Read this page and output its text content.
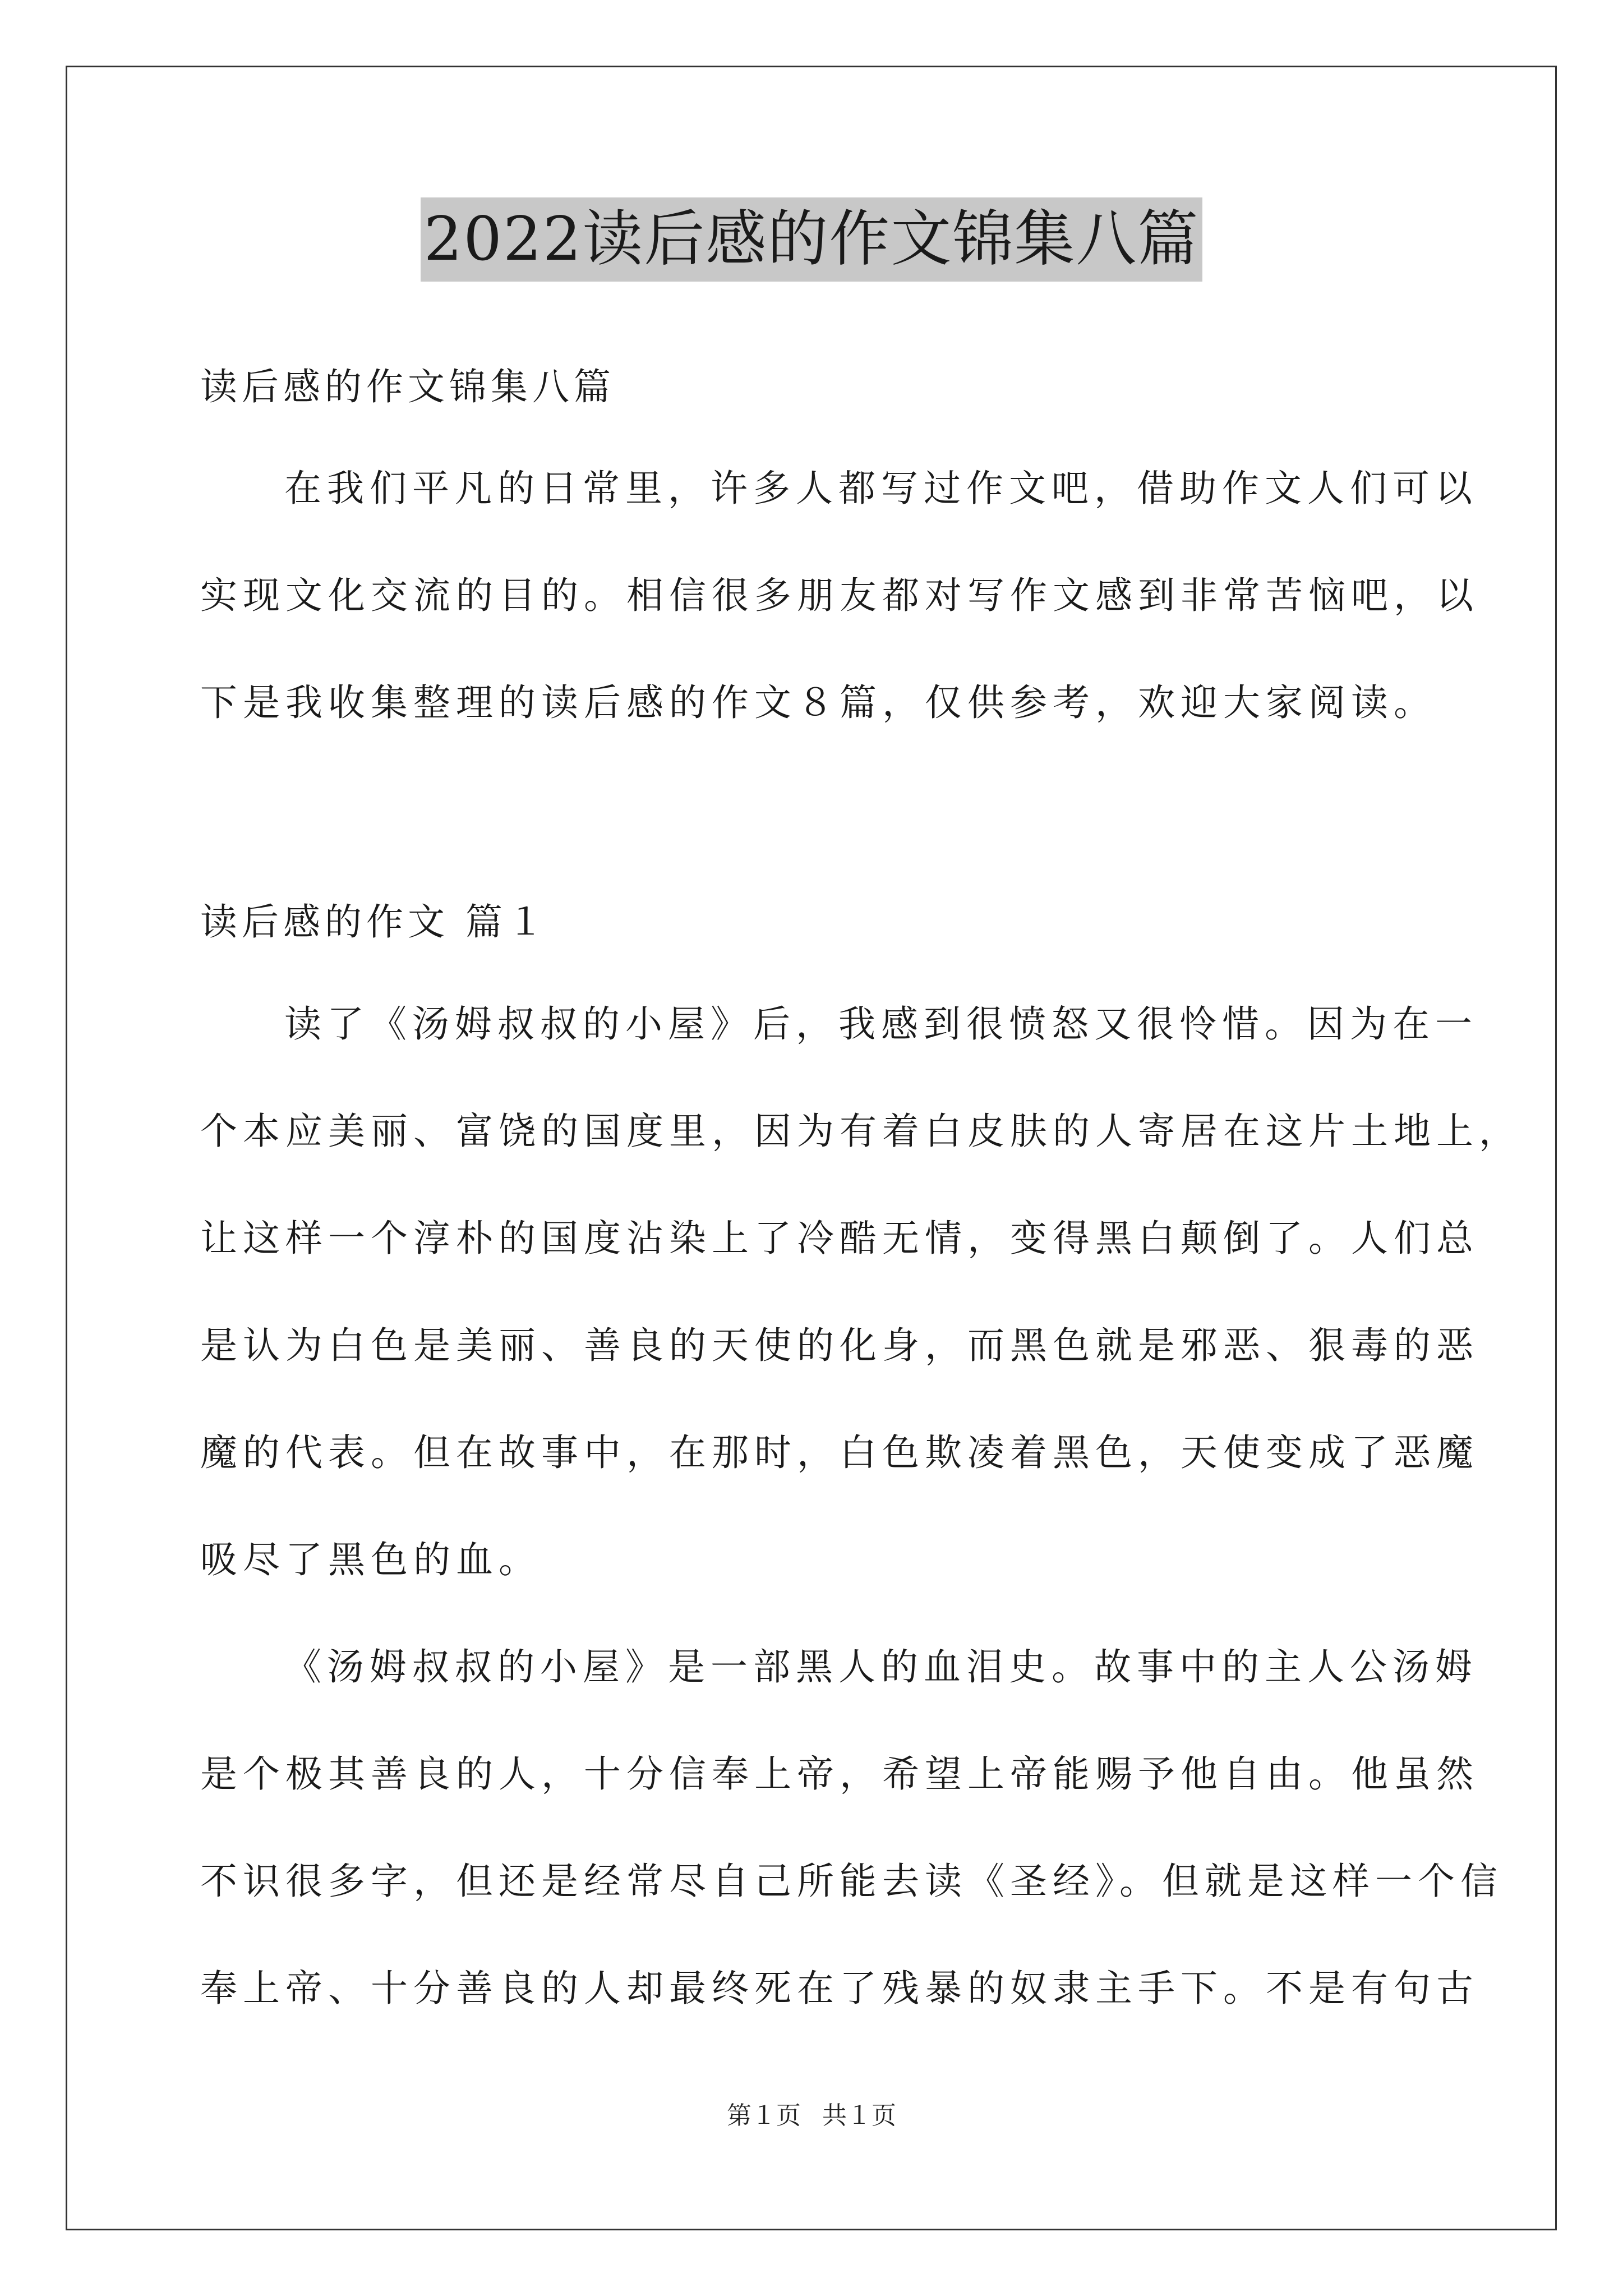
2022读后感的作文锦集八篇
读后感的作文锦集八篇
在我们平凡的日常里，许多人都写过作文吧，借助作文人们可以
实现文化交流的目的。相信很多朋友都对写作文感到非常苦恼吧，以
下是我收集整理的读后感的作文８篇，仅供参考，欢迎大家阅读。
读后感的作文 篇１
读了《汤姆叔叔的小屋》后，我感到很愤怒又很怜惜。因为在一
个本应美丽、富饶的国度里，因为有着白皮肤的人寄居在这片土地上，
让这样一个淳朴的国度沾染上了冷酷无情，变得黑白颠倒了。人们总
是认为白色是美丽、善良的天使的化身，而黑色就是邪恶、狠毒的恶
魔的代表。但在故事中，在那时，白色欺凌着黑色，天使变成了恶魔
吸尽了黑色的血。
《汤姆叔叔的小屋》是一部黑人的血泪史。故事中的主人公汤姆
是个极其善良的人，十分信奉上帝，希望上帝能赐予他自由。他虽然
不识很多字，但还是经常尽自己所能去读《圣经》。但就是这样一个信
奉上帝、十分善良的人却最终死在了残暴的奴隶主手下。不是有句古
第１页 共１页
